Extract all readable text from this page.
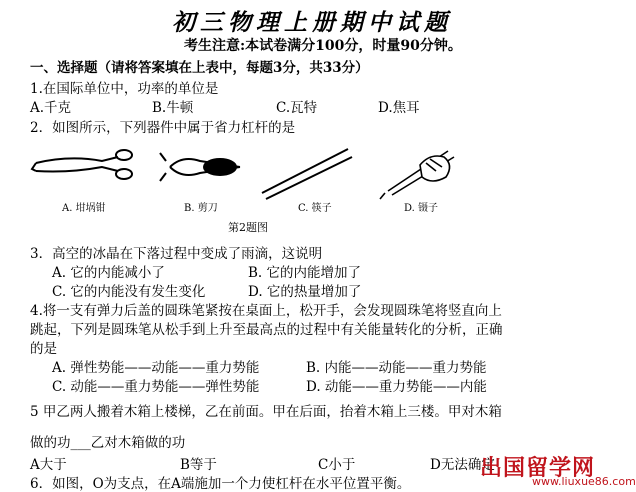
初三物理上册期中试题
考生注意:本试卷满分100分，时量90分钟。
一、选择题（请将答案填在上表中，每题3分，共33分）
1.在国际单位中，功率的单位是
A.千克	B.牛顿	C.瓦特	D.焦耳
2．如图所示，下列器件中属于省力杠杆的是
A. 坩埚钳	B. 剪刀	C. 筷子	D. 镊子
第2题图
3．高空的冰晶在下落过程中变成了雨滴，这说明
A. 它的内能减小了	B. 它的内能增加了
C. 它的内能没有发生变化	D. 它的热量增加了
4.将一支有弹力后盖的圆珠笔紧按在桌面上，松开手，会发现圆珠笔将竖直向上
跳起，下列是圆珠笔从松手到上升至最高点的过程中有关能量转化的分析，正确
的是
A. 弹性势能——动能——重力势能	B. 内能——动能——重力势能
C. 动能——重力势能——弹性势能	D. 动能——重力势能——内能
5 甲乙两人搬着木箱上楼梯，乙在前面。甲在后面，抬着木箱上三楼。甲对木箱
做的功___乙对木箱做的功
A大于	B等于	C小于	D无法确定
6．如图，O为支点，在A端施加一个力使杠杆在水平位置平衡。
出国留学网
www.liuxue86.com
